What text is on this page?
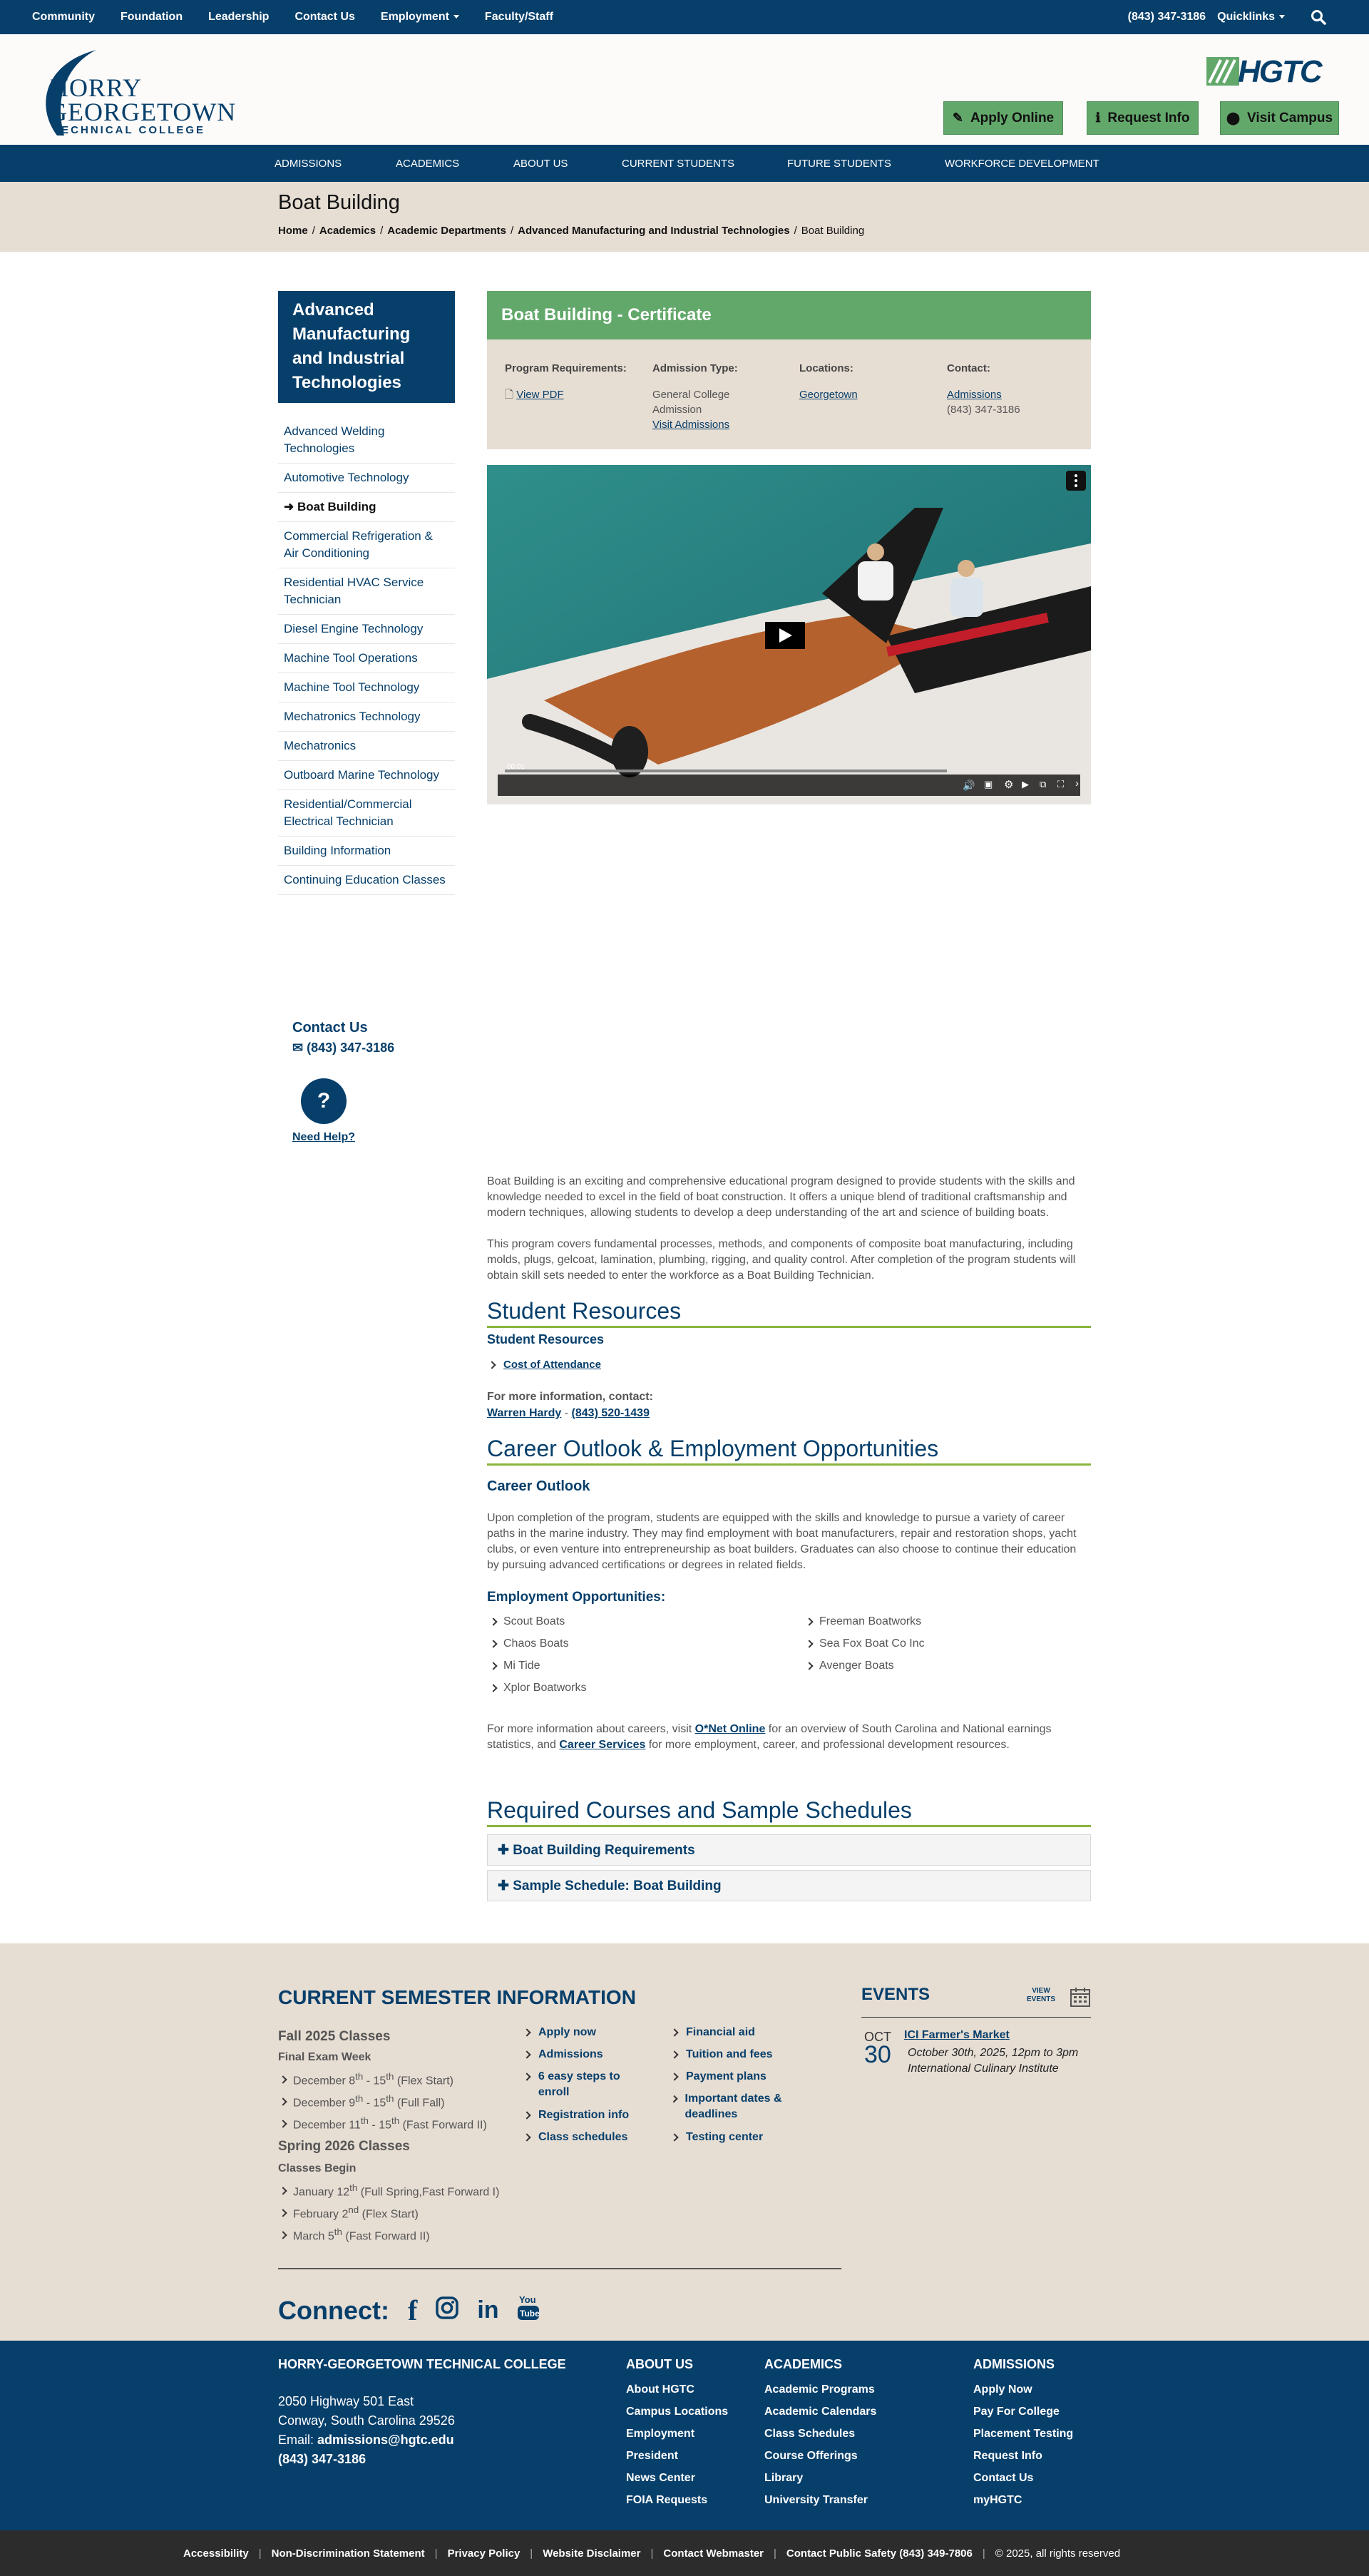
Community Foundation Leadership Contact Us Employment	Faculty/Staff	(843) 347-3186 Quicklinks
HORRY
GEORGETOWN
TECHNICAL COLLEGE
HGTC
✎ Apply Online	ℹ Request Info	⬤ Visit Campus
ADMISSIONS	ACADEMICS	ABOUT US	CURRENT STUDENTS	FUTURE STUDENTS	WORKFORCE DEVELOPMENT
Boat Building
Home / Academics / Academic Departments / Advanced Manufacturing and Industrial Technologies / Boat Building
Advanced Manufacturing and Industrial Technologies
Advanced Welding Technologies
Automotive Technology
➜ Boat Building
Commercial Refrigeration & Air Conditioning
Residential HVAC Service Technician
Diesel Engine Technology
Machine Tool Operations
Machine Tool Technology
Mechatronics Technology
Mechatronics
Outboard Marine Technology
Residential/Commercial Electrical Technician
Building Information
Continuing Education Classes
Contact Us
✉ (843) 347-3186
?
Need Help?
Boat Building - Certificate
Program Requirements:
🗋 View PDF
Admission Type:
General College
Admission
Visit Admissions
Locations:
Georgetown
Contact:
Admissions
(843) 347-3186
00:01
🔊 ▣ ⚙ ▶ ⧉ ⛶ ›

Boat Building is an exciting and comprehensive educational program designed to provide students with the skills and knowledge needed to excel in the field of boat construction. It offers a unique blend of traditional craftsmanship and modern techniques, allowing students to develop a deep understanding of the art and science of building boats.

This program covers fundamental processes, methods, and components of composite boat manufacturing, including molds, plugs, gelcoat, lamination, plumbing, rigging, and quality control. After completion of the program students will obtain skill sets needed to enter the workforce as a Boat Building Technician.

Student Resources
Student Resources
Cost of Attendance
For more information, contact:
Warren Hardy - (843) 520-1439
Career Outlook & Employment Opportunities
Career Outlook

Upon completion of the program, students are equipped with the skills and knowledge to pursue a variety of career paths in the marine industry. They may find employment with boat manufacturers, repair and restoration shops, yacht clubs, or even venture into entrepreneurship as boat builders. Graduates can also choose to continue their education by pursuing advanced certifications or degrees in related fields.

Employment Opportunities:
Scout Boats
Chaos Boats
Mi Tide
Xplor Boatworks
Freeman Boatworks
Sea Fox Boat Co Inc
Avenger Boats

For more information about careers, visit O*Net Online for an overview of South Carolina and National earnings statistics, and Career Services for more employment, career, and professional development resources.

Required Courses and Sample Schedules
✚ Boat Building Requirements
✚ Sample Schedule: Boat Building
CURRENT SEMESTER INFORMATION
Fall 2025 Classes
Final Exam Week
December 8th - 15th (Flex Start)
December 9th - 15th (Full Fall)
December 11th - 15th (Fast Forward II)
Spring 2026 Classes
Classes Begin
January 12th (Full Spring,Fast Forward I)
February 2nd (Flex Start)
March 5th (Fast Forward II)
Apply now
Admissions
6 easy steps to enroll
Registration info
Class schedules
Financial aid
Tuition and fees
Payment plans
Important dates & deadlines
Testing center
EVENTS	VIEW EVENTS
OCT
30
ICI Farmer's Market
October 30th, 2025, 12pm to 3pm
International Culinary Institute
Connect: f in You
Tube
HORRY-GEORGETOWN TECHNICAL COLLEGE
2050 Highway 501 East
Conway, South Carolina 29526
Email: admissions@hgtc.edu
(843) 347-3186
ABOUT US
About HGTC
Campus Locations
Employment
President
News Center
FOIA Requests
ACADEMICS
Academic Programs
Academic Calendars
Class Schedules
Course Offerings
Library
University Transfer
ADMISSIONS
Apply Now
Pay For College
Placement Testing
Request Info
Contact Us
myHGTC
Accessibility | Non-Discrimination Statement | Privacy Policy | Website Disclaimer | Contact Webmaster | Contact Public Safety (843) 349-7806 | © 2025, all rights reserved
